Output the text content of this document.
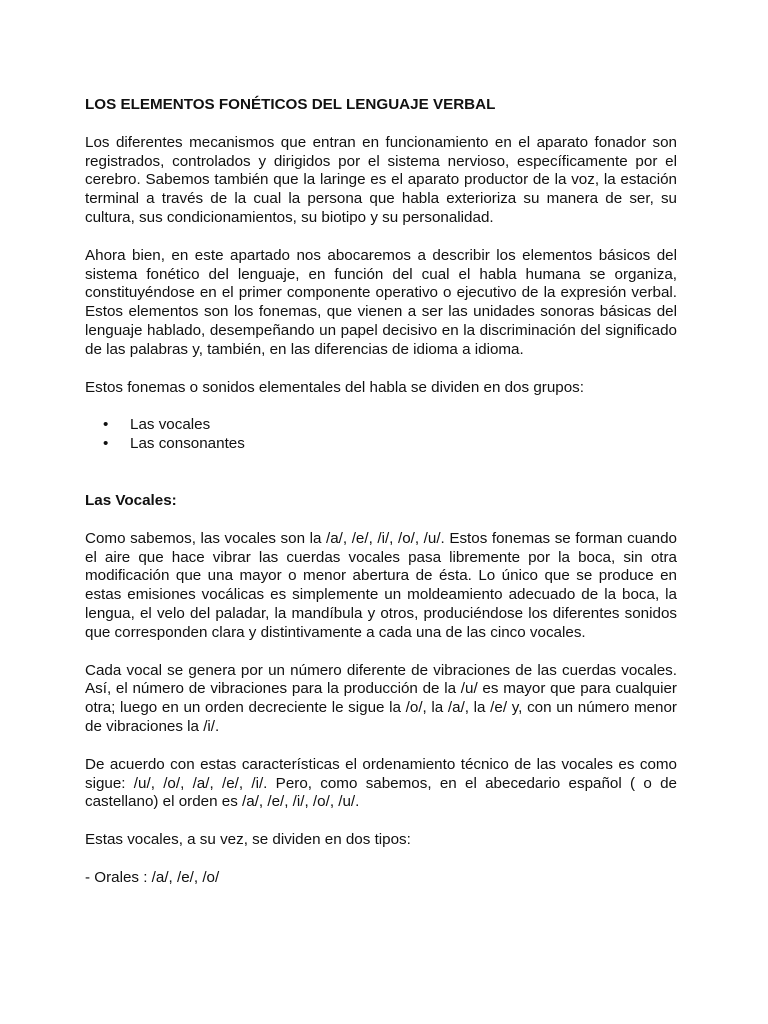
LOS ELEMENTOS FONÉTICOS DEL LENGUAJE VERBAL

Los diferentes mecanismos que entran en funcionamiento en el aparato fonador son registrados, controlados y dirigidos por el sistema nervioso, específicamente por el cerebro. Sabemos también que la laringe es el aparato productor de la voz, la estación terminal a través de la cual la persona que habla exterioriza su manera de ser, su cultura, sus condicionamientos, su biotipo y su personalidad.

Ahora bien, en este apartado nos abocaremos a describir los elementos básicos del sistema fonético del lenguaje, en función del cual el habla humana se organiza, constituyéndose en el primer componente operativo o ejecutivo de la expresión verbal. Estos elementos son los fonemas, que vienen a ser las unidades sonoras básicas del lenguaje hablado, desempeñando un papel decisivo en la discriminación del significado de las palabras y, también, en las diferencias de idioma a idioma.

Estos fonemas o sonidos elementales del habla se dividen en dos grupos:

• Las vocales
• Las consonantes
Las Vocales:

Como sabemos, las vocales son la /a/, /e/, /i/, /o/, /u/. Estos fonemas se forman cuando el aire que hace vibrar las cuerdas vocales pasa libremente por la boca, sin otra modificación que una mayor o menor abertura de ésta. Lo único que se produce en estas emisiones vocálicas es simplemente un moldeamiento adecuado de la boca, la lengua, el velo del paladar, la mandíbula y otros, produciéndose los diferentes sonidos que corresponden clara y distintivamente a cada una de las cinco vocales.

Cada vocal se genera por un número diferente de vibraciones de las cuerdas vocales. Así, el número de vibraciones para la producción de la /u/ es mayor que para cualquier otra; luego en un orden decreciente le sigue la /o/, la /a/, la /e/ y, con un número menor de vibraciones la /i/.

De acuerdo con estas características el ordenamiento técnico de las vocales es como sigue: /u/, /o/, /a/, /e/, /i/. Pero, como sabemos, en el abecedario español ( o de castellano) el orden es /a/, /e/, /i/, /o/, /u/.

Estas vocales, a su vez, se dividen en dos tipos:

- Orales : /a/, /e/, /o/
